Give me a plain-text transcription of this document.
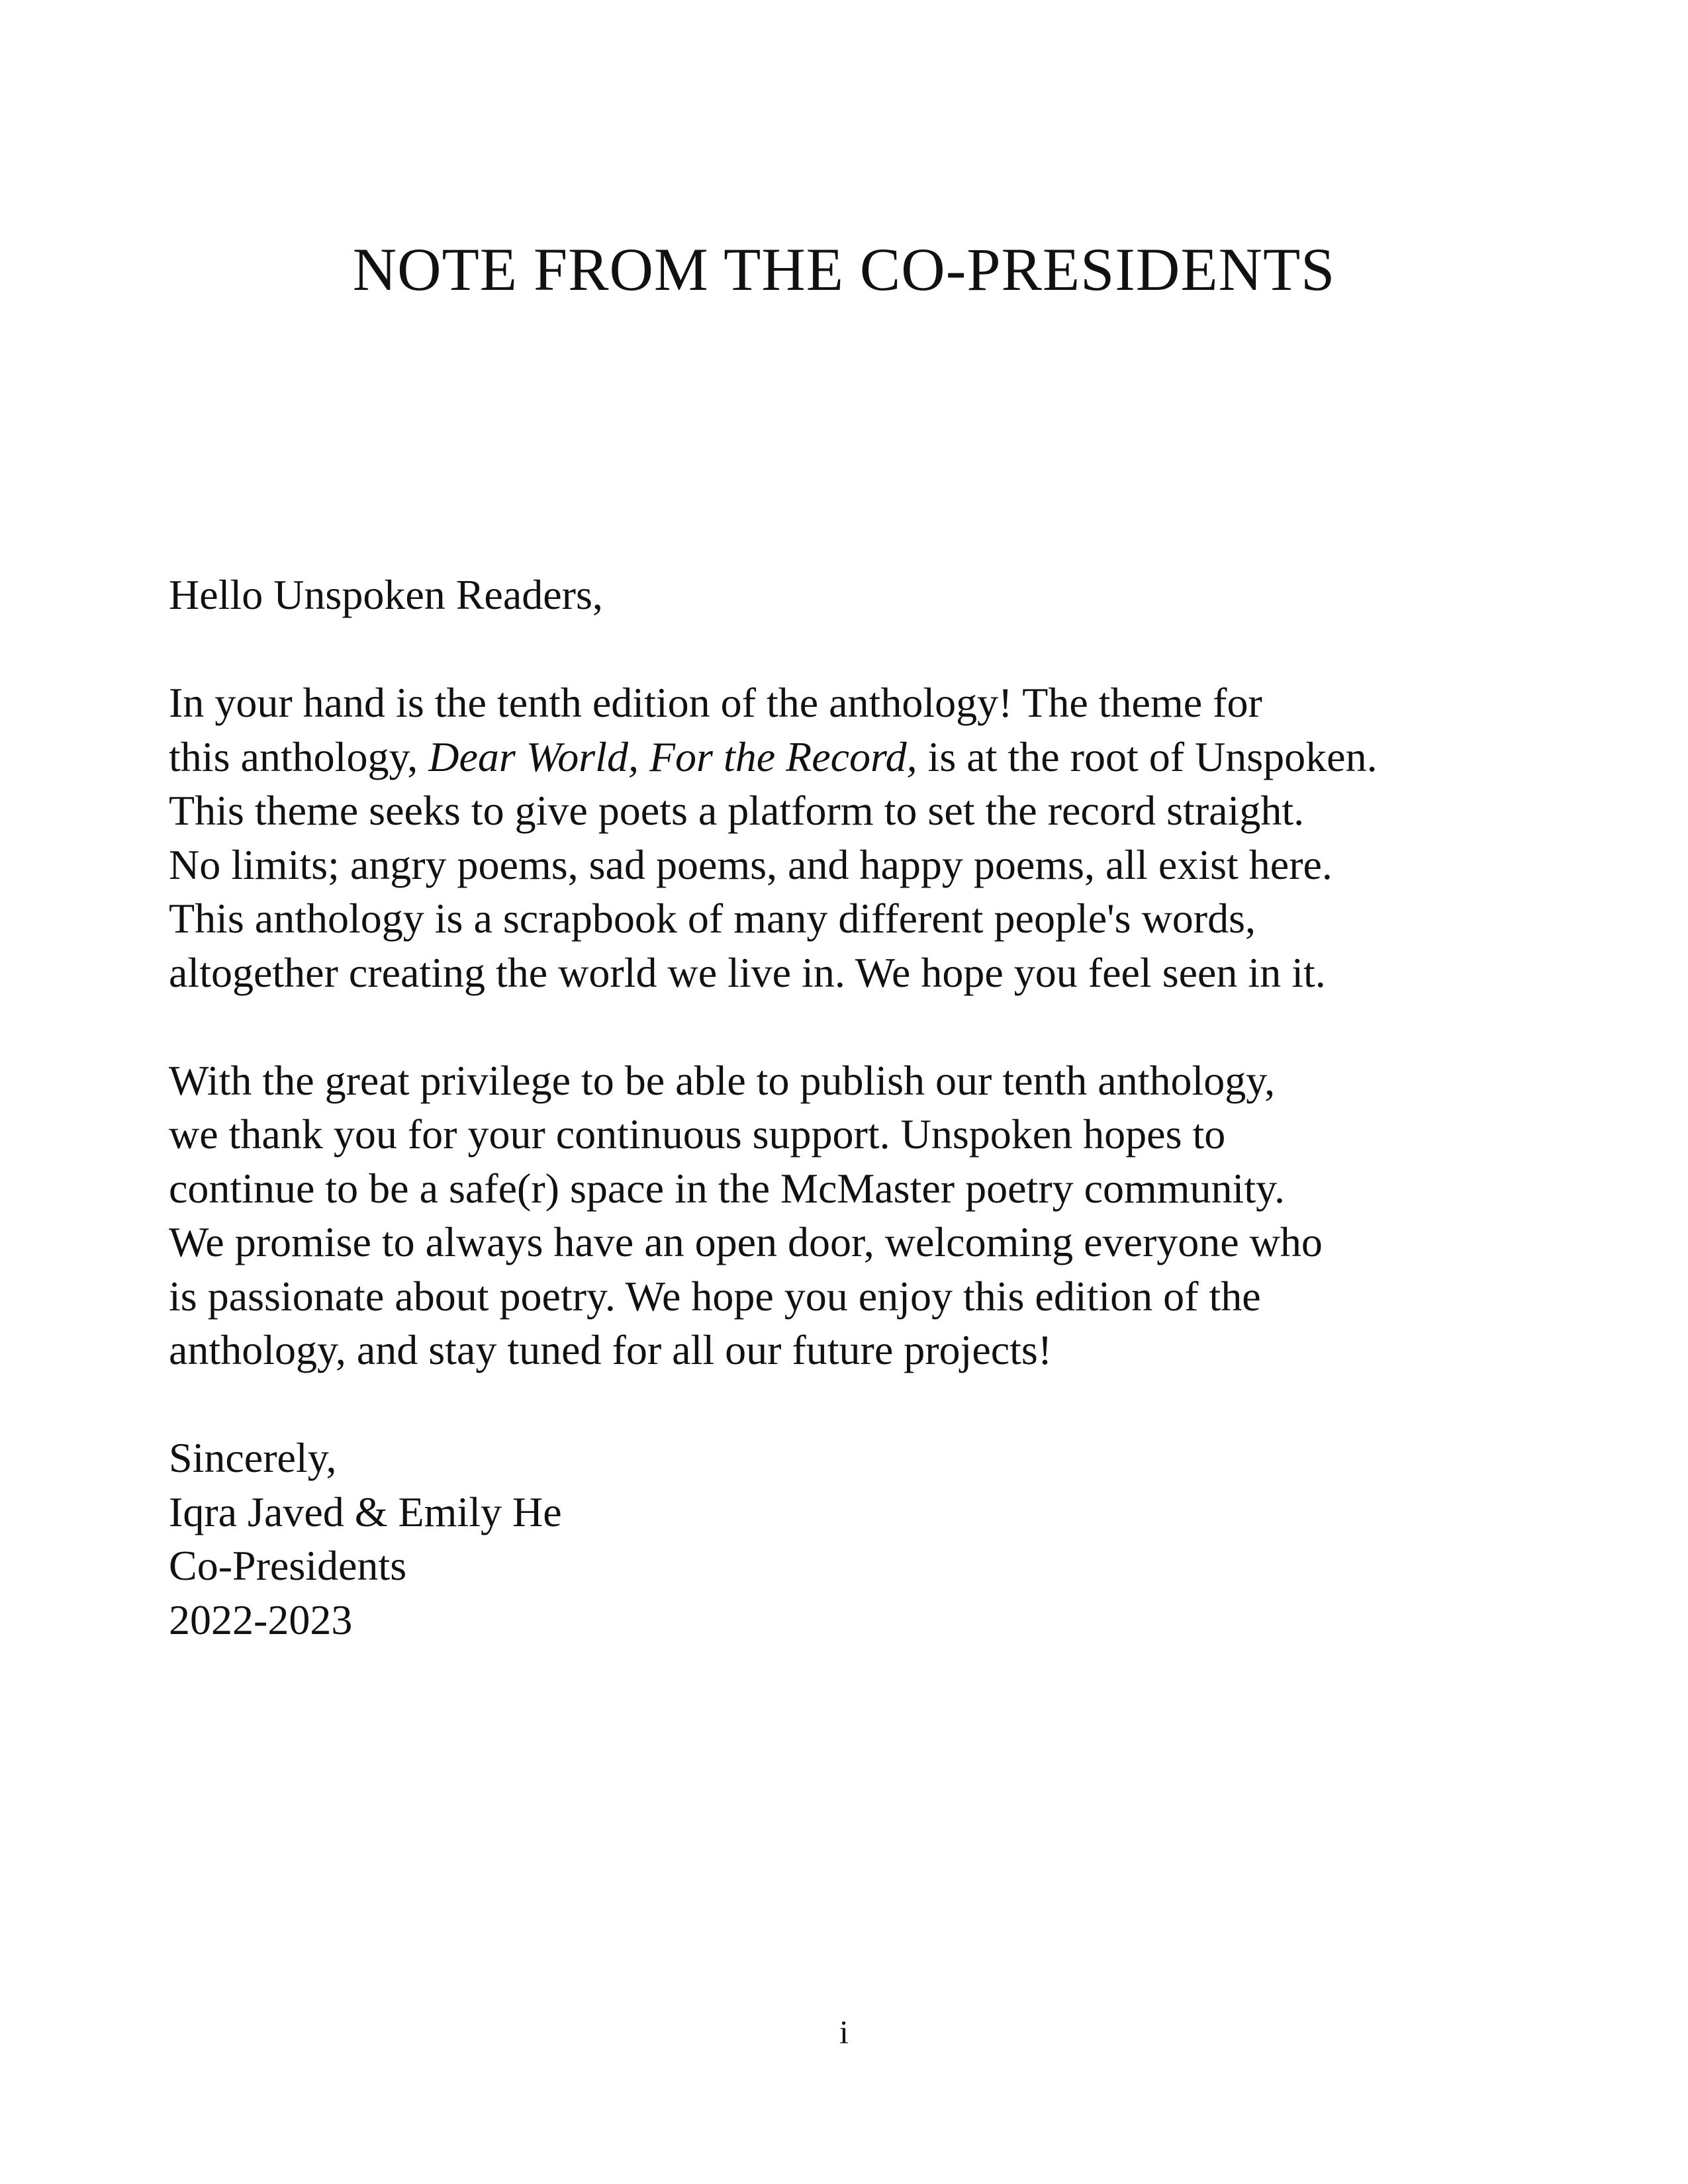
NOTE FROM THE CO-PRESIDENTS
Hello Unspoken Readers,
In your hand is the tenth edition of the anthology! The theme for
this anthology, Dear World, For the Record, is at the root of Unspoken.
This theme seeks to give poets a platform to set the record straight.
No limits; angry poems, sad poems, and happy poems, all exist here.
This anthology is a scrapbook of many different people's words,
altogether creating the world we live in. We hope you feel seen in it.
With the great privilege to be able to publish our tenth anthology,
we thank you for your continuous support. Unspoken hopes to
continue to be a safe(r) space in the McMaster poetry community.
We promise to always have an open door, welcoming everyone who
is passionate about poetry. We hope you enjoy this edition of the
anthology, and stay tuned for all our future projects!
Sincerely,
Iqra Javed & Emily He
Co-Presidents
2022-2023
i
